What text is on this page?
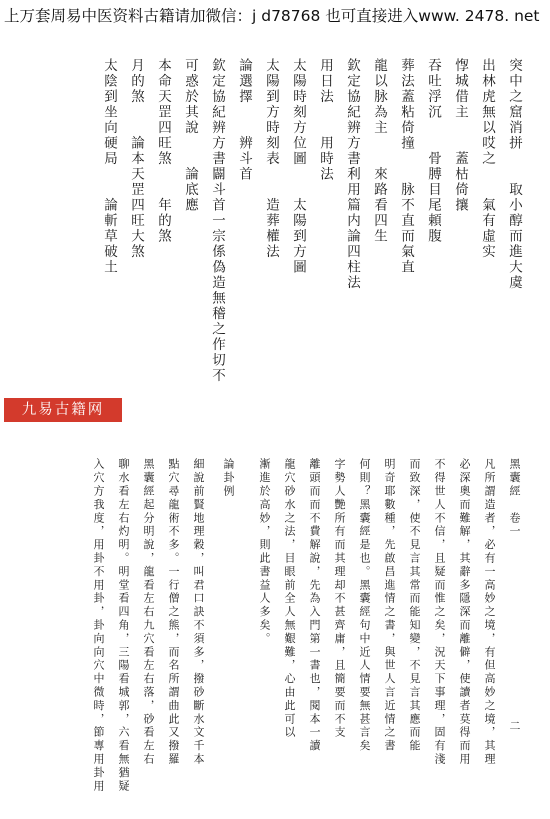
上万套周易中医资料古籍请加微信：j d78768 也可直接进入www. 2478. net
突中之窟消拼　　取小醇而進大虞
出林虎無以哎之　　氣有虛实
惸城借主　　蓋枯倚攘
吞吐浮沉　　骨膊目尾頼腹
葬法蓋粘倚撞　　脉不直而氣直
龍以脉為主　　來路看四生
欽定協紀辨方書利用篇内論四柱法
用日法　　用時法
太陽時刻方位圖　　太陽到方圖
太陽到方時刻表　　造葬權法
論選擇　　辨斗首
欽定協紀辨方書闢斗首一宗係偽造無稽之作切不
可惑於其說　　論底應
本命天罡四旺煞　　年的煞
月的煞　　論本天罡四旺大煞
太陰到坐向硬局　　論斬草破土
九易古籍网
黑囊經　卷一
凡所謂造者，必有一高妙之境，有但高妙之境，其理
必深奧而難解，其辭多隱深而離僻，使讀者莫得而用
不得世人不信，且疑而惟之矣，況天下事理，固有淺
而致深，使不見言其常而能知變，不見言其應而能
明奇耶數種，先啟昌進情之書，與世人言近情之書
何則？黑囊經是也。黑囊經句中近人情要無甚言矣
字勢人艷所有而其理却不甚齊庸，且簡要而不支
離頭而而不費解說，先為入門第一書也，閱本一讀
龍穴砂水之法，目眼前全人無艱難，心由此可以
漸進於高妙，則此書益人多矣。
論卦例
細說前賢地理穀，叫君口訣不須多，撥砂斷水文千本
點穴尋龍術不多。一行僧之熊，而名所謂曲此又撥羅
黑囊經起分明說，龍看左右九穴看左右落，砂看左右
聊水看左右灼明。明堂看四角，三陽看城郭，六看無猶疑
入穴方我度，用卦不用卦，卦向向穴中微時，節專用卦用	二
